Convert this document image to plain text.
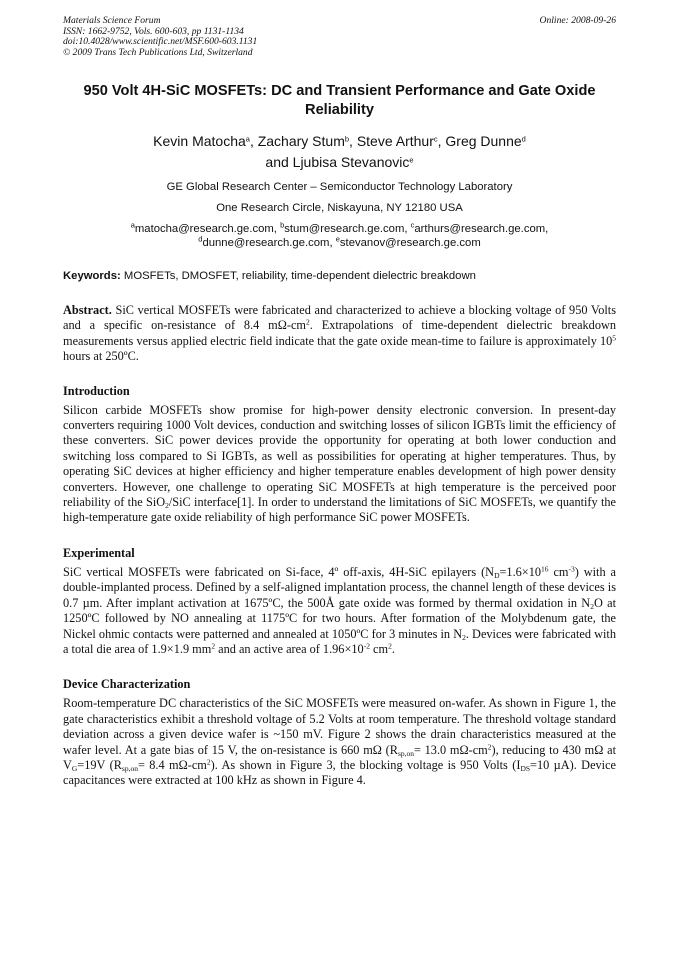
Materials Science Forum	Online: 2008-09-26
ISSN: 1662-9752, Vols. 600-603, pp 1131-1134
doi:10.4028/www.scientific.net/MSF.600-603.1131
© 2009 Trans Tech Publications Ltd, Switzerland
950 Volt 4H-SiC MOSFETs: DC and Transient Performance and Gate Oxide Reliability
Kevin Matocha$^a$, Zachary Stum$^b$, Steve Arthur$^c$, Greg Dunne$^d$
and Ljubisa Stevanovic$^e$
GE Global Research Center – Semiconductor Technology Laboratory
One Research Circle, Niskayuna, NY 12180 USA
$^a$matocha@research.ge.com, $^b$stum@research.ge.com, $^c$arthurs@research.ge.com,
$^d$dunne@research.ge.com, $^e$stevanov@research.ge.com
Keywords: MOSFETs, DMOSFET, reliability, time-dependent dielectric breakdown

Abstract. SiC vertical MOSFETs were fabricated and characterized to achieve a blocking voltage of 950 Volts and a specific on-resistance of 8.4 $m\Omega-cm^2$. Extrapolations of time-dependent dielectric breakdown measurements versus applied electric field indicate that the gate oxide mean-time to failure is approximately $10^5$ hours at 250ºC.

Introduction

Silicon carbide MOSFETs show promise for high-power density electronic conversion. In present-day converters requiring 1000 Volt devices, conduction and switching losses of silicon IGBTs limit the efficiency of these converters. SiC power devices provide the opportunity for operating at both lower conduction and switching loss compared to Si IGBTs, as well as possibilities for operating at higher temperatures. Thus, by operating SiC devices at higher efficiency and higher temperature enables development of high power density converters. However, one challenge to operating SiC MOSFETs at high temperature is the perceived poor reliability of the SiO$_2$/SiC interface[1]. In order to understand the limitations of SiC MOSFETs, we quantify the high-temperature gate oxide reliability of high performance SiC power MOSFETs.

Experimental

SiC vertical MOSFETs were fabricated on Si-face, 4º off-axis, 4H-SiC epilayers ($N_D=1.6\times 10^{16}$ $cm^{-3}$) with a double-implanted process. Defined by a self-aligned implantation process, the channel length of these devices is 0.7 µm. After implant activation at 1675ºC, the 500Å gate oxide was formed by thermal oxidation in $N_2O$ at 1250ºC followed by NO annealing at 1175ºC for two hours. After formation of the Molybdenum gate, the Nickel ohmic contacts were patterned and annealed at 1050ºC for 3 minutes in $N_2$. Devices were fabricated with a total die area of 1.9×1.9 $mm^2$ and an active area of $1.96\times 10^{-2}$ $cm^2$.

Device Characterization

Room-temperature DC characteristics of the SiC MOSFETs were measured on-wafer. As shown in Figure 1, the gate characteristics exhibit a threshold voltage of 5.2 Volts at room temperature. The threshold voltage standard deviation across a given device wafer is ~150 mV. Figure 2 shows the drain characteristics measured at the wafer level. At a gate bias of 15 V, the on-resistance is 660 mΩ ($R_{sp,on}= 13.0$ $m\Omega-cm^2$), reducing to 430 mΩ at $V_G=19V$ ($R_{sp,on}= 8.4$ $m\Omega-cm^2$). As shown in Figure 3, the blocking voltage is 950 Volts ($I_{DS}=10$ µA). Device capacitances were extracted at 100 kHz as shown in Figure 4.
